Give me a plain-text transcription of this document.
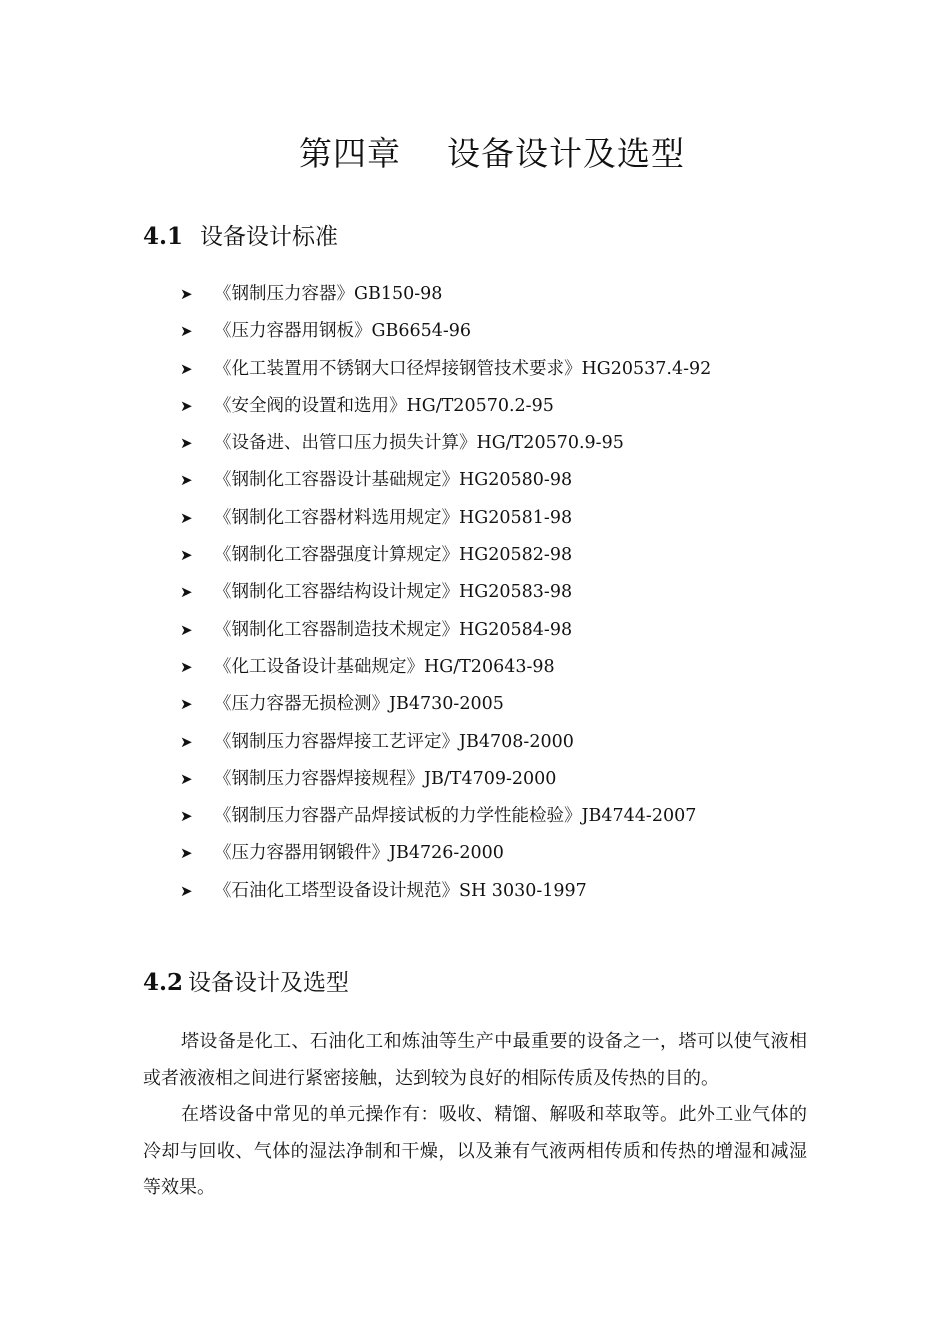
第四章    设备设计及选型
4.1 设备设计标准
➤	《钢制压力容器》GB150-98
➤	《压力容器用钢板》GB6654-96
➤	《化工装置用不锈钢大口径焊接钢管技术要求》HG20537.4-92
➤	《安全阀的设置和选用》HG/T20570.2-95
➤	《设备进、出管口压力损失计算》HG/T20570.9-95
➤	《钢制化工容器设计基础规定》HG20580-98
➤	《钢制化工容器材料选用规定》HG20581-98
➤	《钢制化工容器强度计算规定》HG20582-98
➤	《钢制化工容器结构设计规定》HG20583-98
➤	《钢制化工容器制造技术规定》HG20584-98
➤	《化工设备设计基础规定》HG/T20643-98
➤	《压力容器无损检测》JB4730-2005
➤	《钢制压力容器焊接工艺评定》JB4708-2000
➤	《钢制压力容器焊接规程》JB/T4709-2000
➤	《钢制压力容器产品焊接试板的力学性能检验》JB4744-2007
➤	《压力容器用钢锻件》JB4726-2000
➤	《石油化工塔型设备设计规范》SH 3030-1997
4.2 设备设计及选型

塔设备是化工、石油化工和炼油等生产中最重要的设备之一，塔可以使气液相或者液液相之间进行紧密接触，达到较为良好的相际传质及传热的目的。

在塔设备中常见的单元操作有：吸收、精馏、解吸和萃取等。此外工业气体的冷却与回收、气体的湿法净制和干燥，以及兼有气液两相传质和传热的增湿和减湿等效果。
